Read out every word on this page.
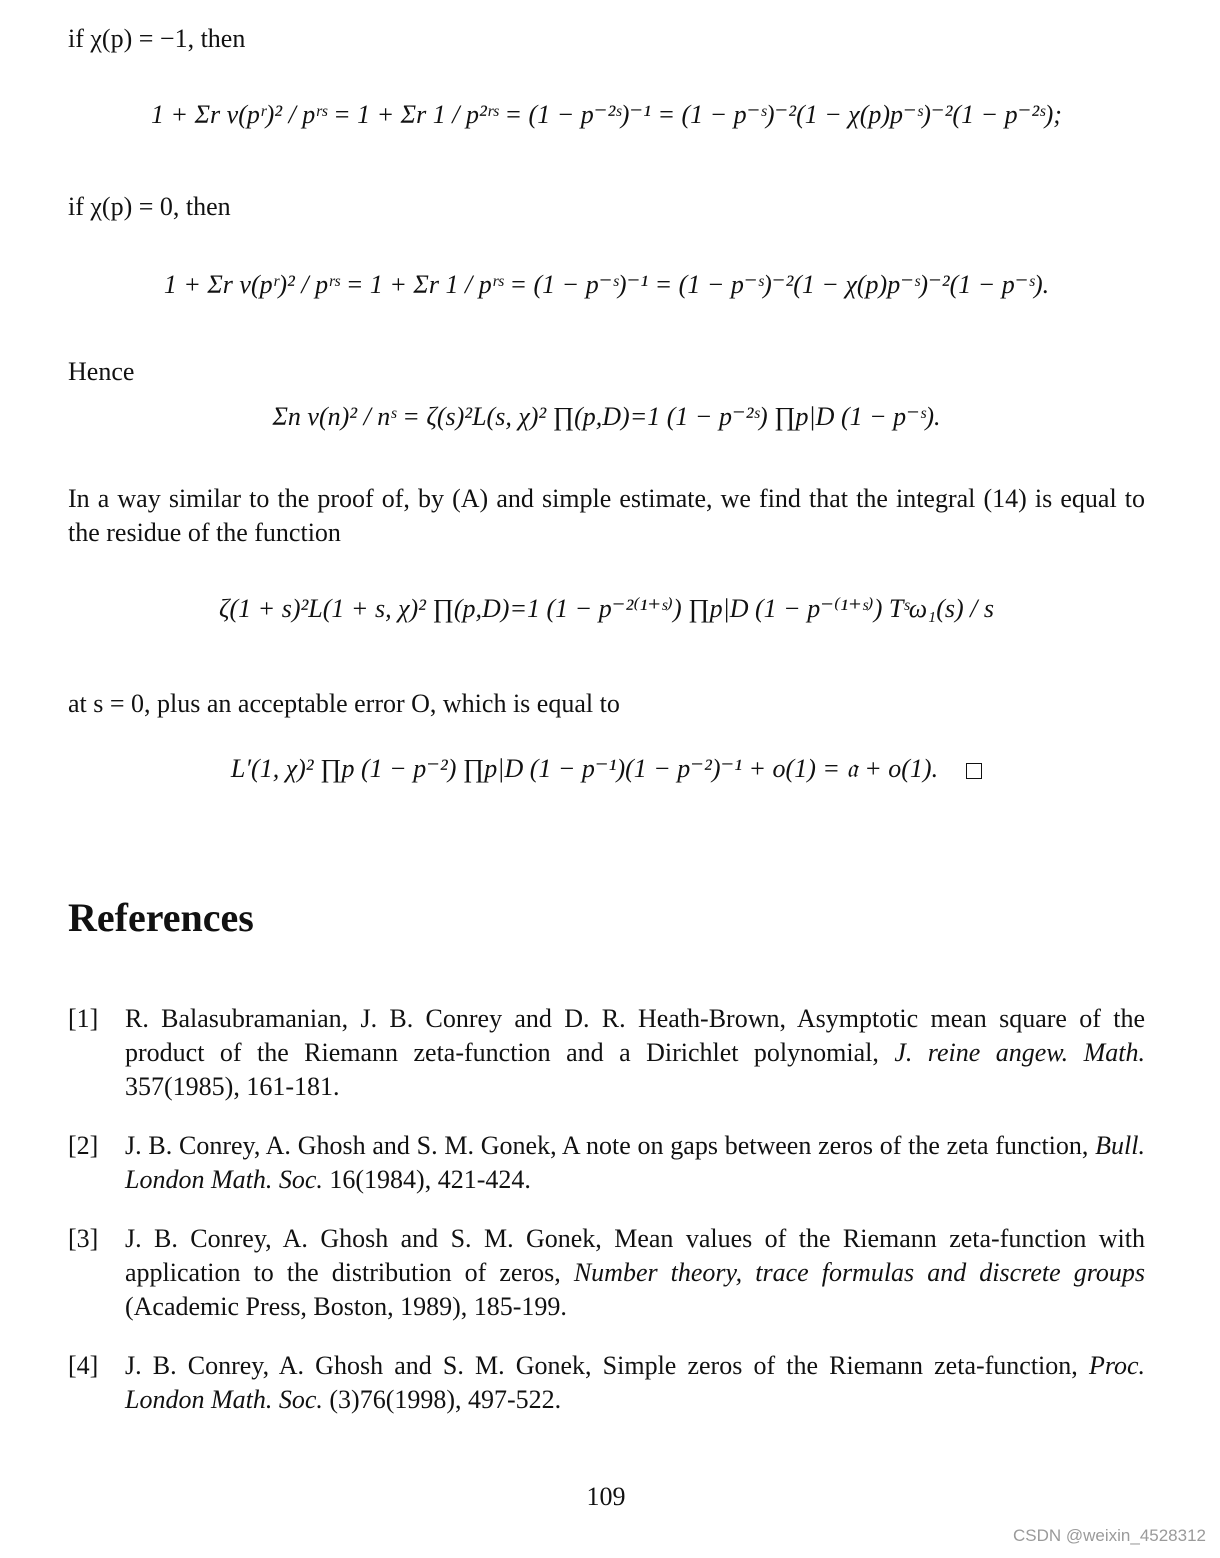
if χ(p) = −1, then
1 + Σr ν(pʳ)² / pʳˢ = 1 + Σr 1 / p²ʳˢ = (1 − p⁻²ˢ)⁻¹ = (1 − p⁻ˢ)⁻²(1 − χ(p)p⁻ˢ)⁻²(1 − p⁻²ˢ);
if χ(p) = 0, then
1 + Σr ν(pʳ)² / pʳˢ = 1 + Σr 1 / pʳˢ = (1 − p⁻ˢ)⁻¹ = (1 − p⁻ˢ)⁻²(1 − χ(p)p⁻ˢ)⁻²(1 − p⁻ˢ).
Hence
Σn ν(n)² / nˢ = ζ(s)²L(s, χ)² ∏(p,D)=1 (1 − p⁻²ˢ) ∏p|D (1 − p⁻ˢ).
In a way similar to the proof of, by (A) and simple estimate, we find that the integral (14) is equal to the residue of the function
ζ(1 + s)²L(1 + s, χ)² ∏(p,D)=1 (1 − p⁻²⁽¹⁺ˢ⁾) ∏p|D (1 − p⁻⁽¹⁺ˢ⁾) Tˢω₁(s) / s
at s = 0, plus an acceptable error O, which is equal to
L′(1, χ)² ∏p (1 − p⁻²) ∏p|D (1 − p⁻¹)(1 − p⁻²)⁻¹ + o(1) = 𝔞 + o(1).
References
[1]	R. Balasubramanian, J. B. Conrey and D. R. Heath-Brown, Asymptotic mean square of the product of the Riemann zeta-function and a Dirichlet polynomial, J. reine angew. Math. 357(1985), 161-181.
[2]	J. B. Conrey, A. Ghosh and S. M. Gonek, A note on gaps between zeros of the zeta function, Bull. London Math. Soc. 16(1984), 421-424.
[3]	J. B. Conrey, A. Ghosh and S. M. Gonek, Mean values of the Riemann zeta-function with application to the distribution of zeros, Number theory, trace formulas and discrete groups (Academic Press, Boston, 1989), 185-199.
[4]	J. B. Conrey, A. Ghosh and S. M. Gonek, Simple zeros of the Riemann zeta-function, Proc. London Math. Soc. (3)76(1998), 497-522.
109
CSDN @weixin_4528312
